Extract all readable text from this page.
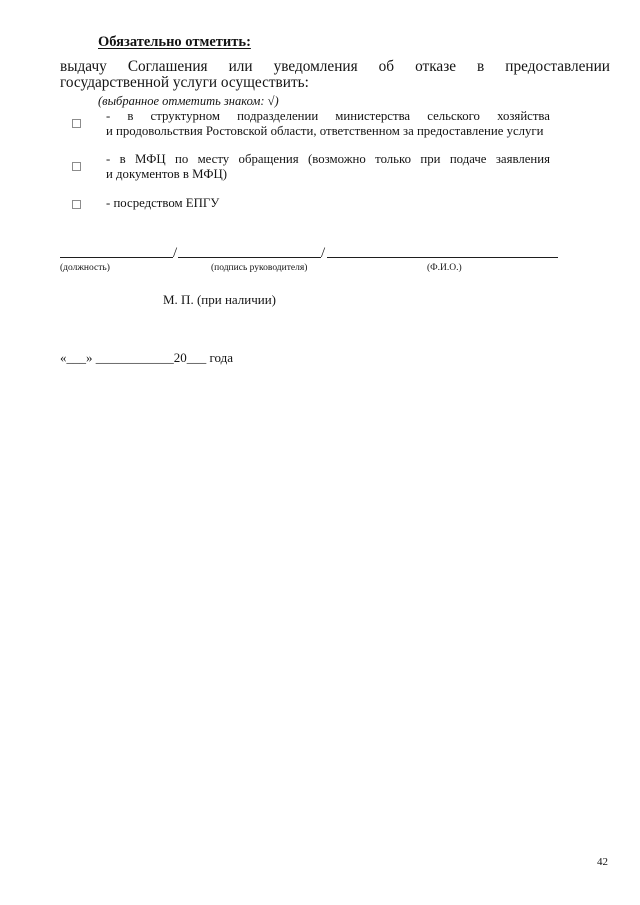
Обязательно отметить:
выдачу Соглашения или уведомления об отказе в предоставлении
государственной услуги осуществить:
(выбранное отметить знаком: √)
- в структурном подразделении министерства сельского хозяйства
и продовольствия Ростовской области, ответственном за предоставление услуги
- в МФЦ по месту обращения (возможно только при подаче заявления
и документов в МФЦ)
- посредством ЕПГУ
/	/
(должность)	(подпись руководителя)	(Ф.И.О.)
М. П. (при наличии)
«___» ____________20___ года
42
